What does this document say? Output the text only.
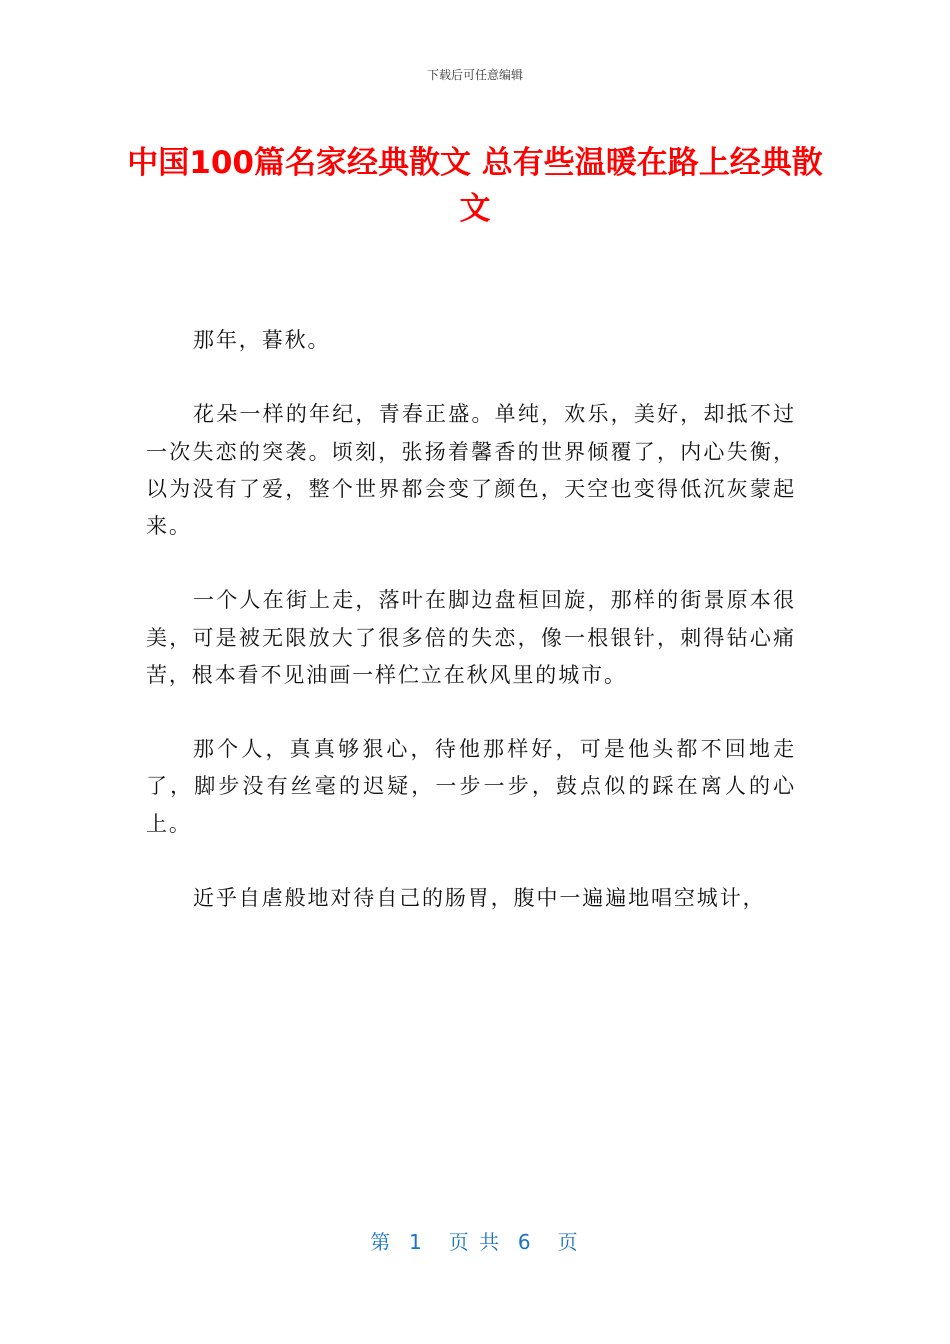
下载后可任意编辑
中国100篇名家经典散文 总有些温暖在路上经典散文

那年，暮秋。

花朵一样的年纪，青春正盛。单纯，欢乐，美好，却抵不过一次失恋的突袭。顷刻，张扬着馨香的世界倾覆了，内心失衡，以为没有了爱，整个世界都会变了颜色，天空也变得低沉灰蒙起来。

一个人在街上走，落叶在脚边盘桓回旋，那样的街景原本很美，可是被无限放大了很多倍的失恋，像一根银针，刺得钻心痛苦，根本看不见油画一样伫立在秋风里的城市。

那个人，真真够狠心，待他那样好，可是他头都不回地走了，脚步没有丝毫的迟疑，一步一步，鼓点似的踩在离人的心上。

近乎自虐般地对待自己的肠胃，腹中一遍遍地唱空城计，

第  1   页 共  6   页
